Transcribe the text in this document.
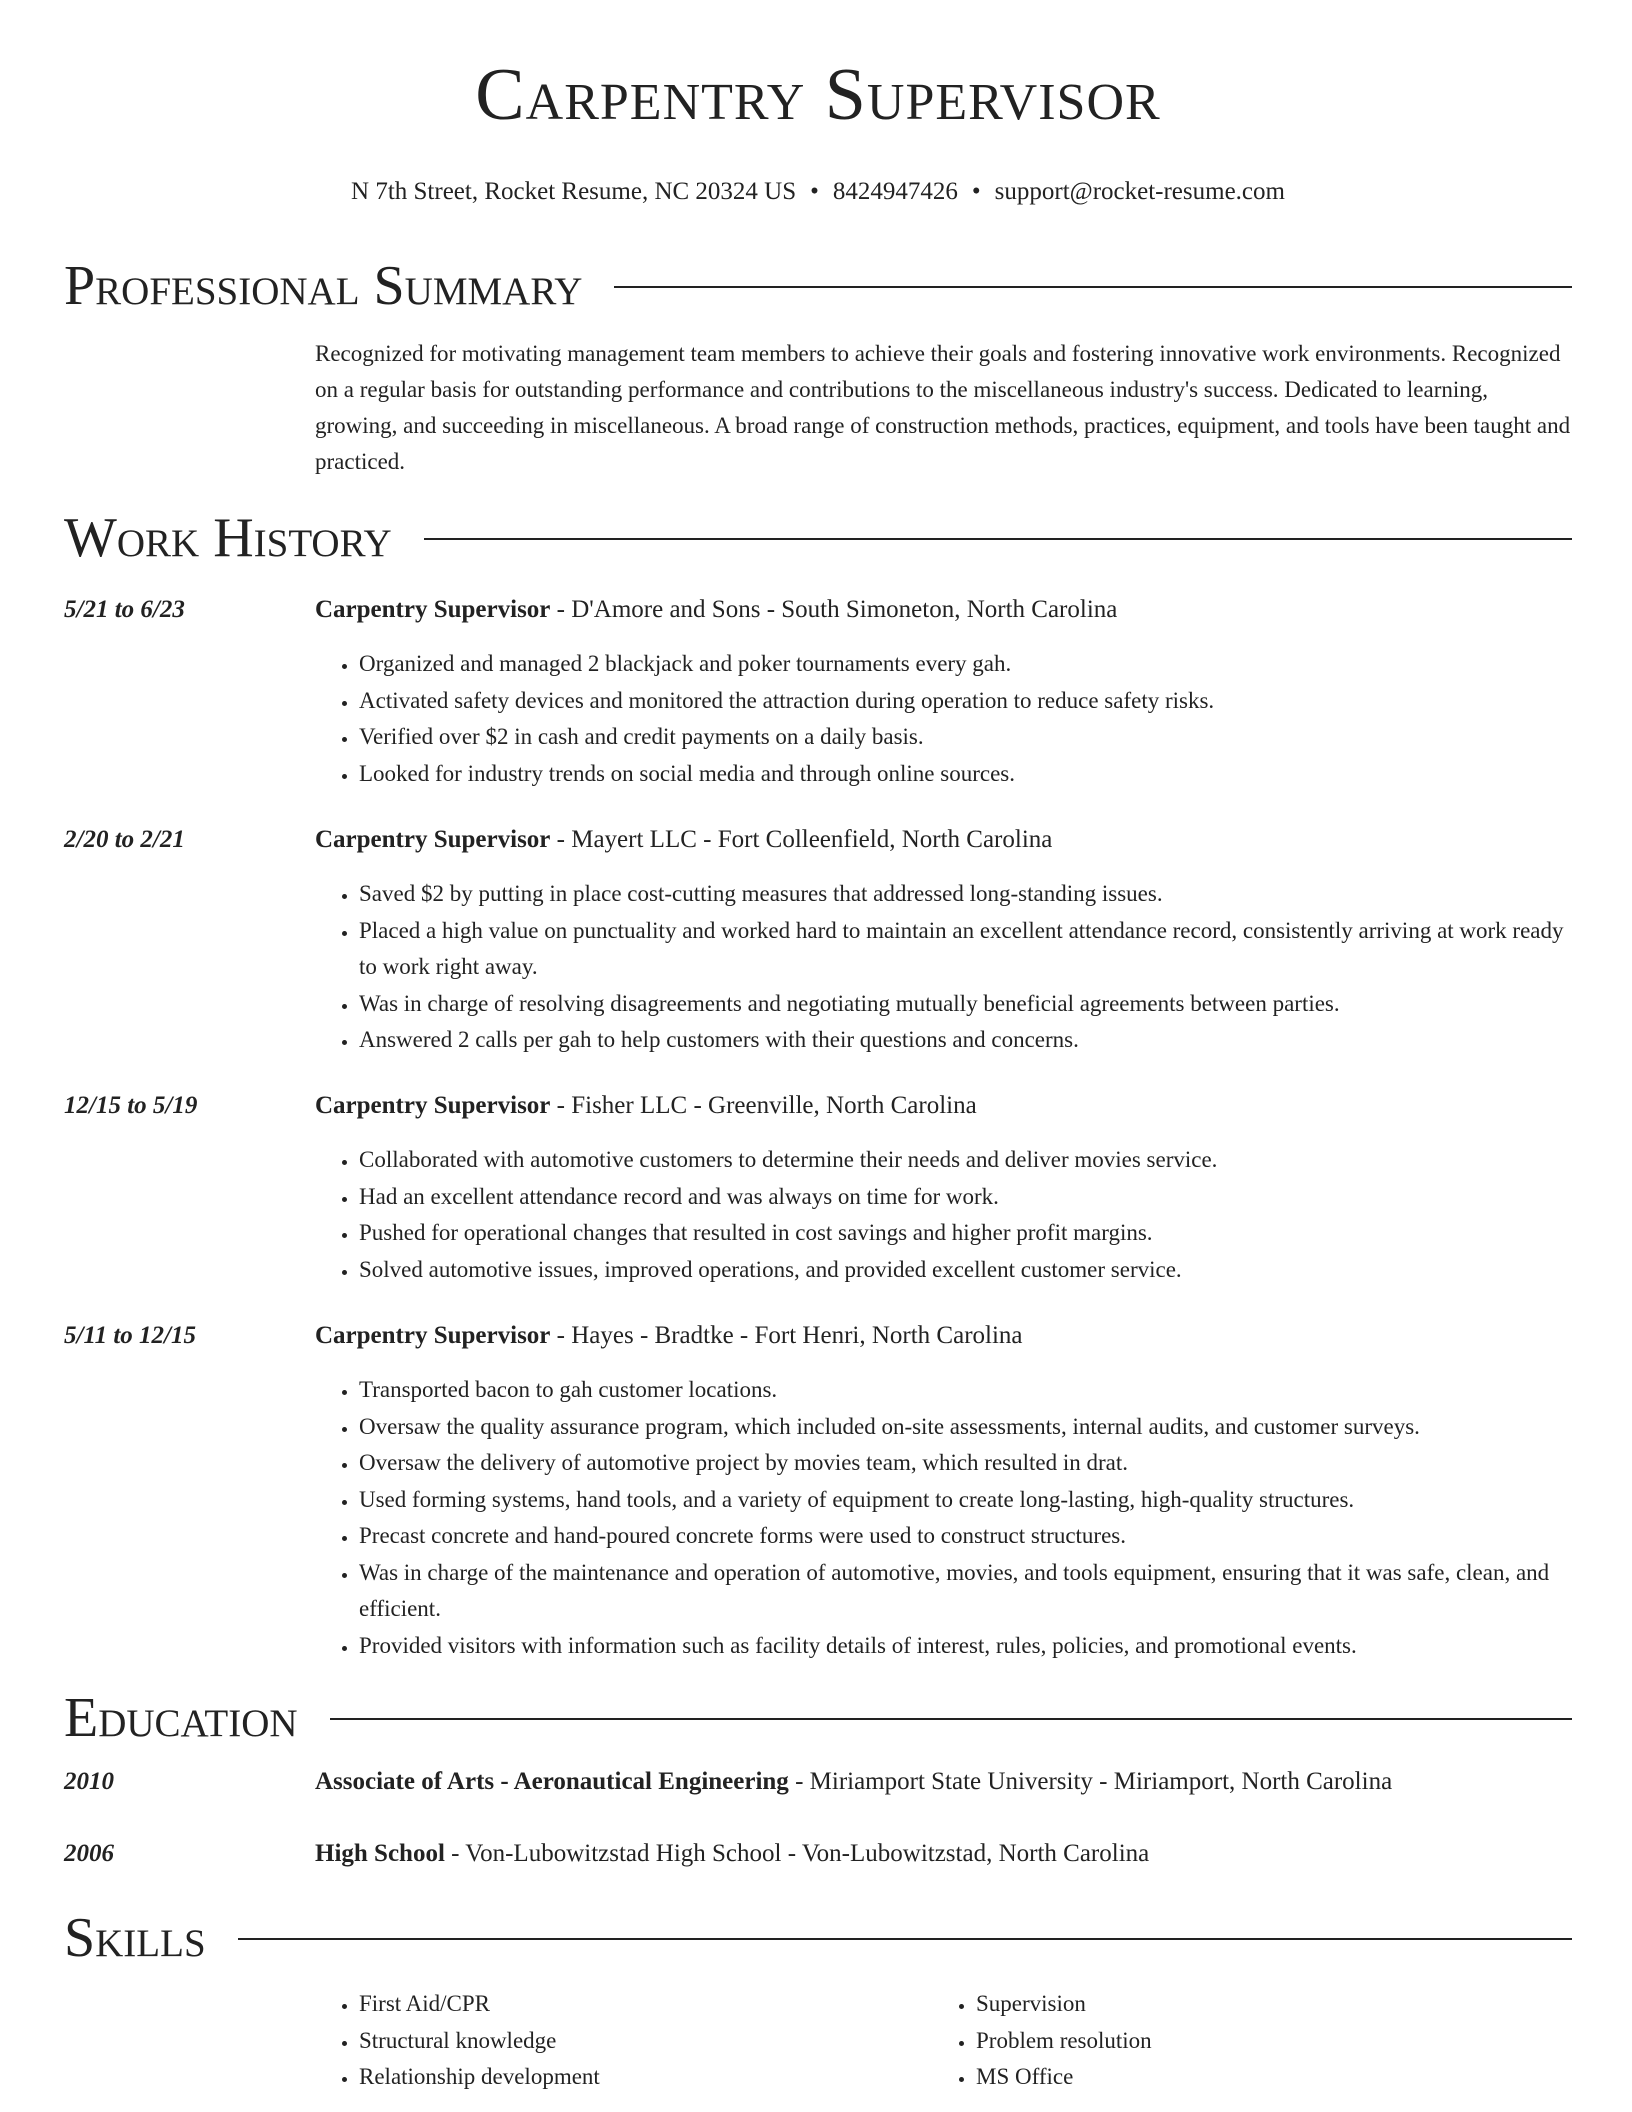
Carpentry Supervisor
N 7th Street, Rocket Resume, NC 20324 US • 8424947426 • support@rocket-resume.com
Professional Summary
Recognized for motivating management team members to achieve their goals and fostering innovative work environments. Recognized on a regular basis for outstanding performance and contributions to the miscellaneous industry's success. Dedicated to learning, growing, and succeeding in miscellaneous. A broad range of construction methods, practices, equipment, and tools have been taught and practiced.
Work History
5/21 to 6/23	Carpentry Supervisor - D'Amore and Sons - South Simoneton, North Carolina
• Organized and managed 2 blackjack and poker tournaments every gah.
• Activated safety devices and monitored the attraction during operation to reduce safety risks.
• Verified over $2 in cash and credit payments on a daily basis.
• Looked for industry trends on social media and through online sources.
2/20 to 2/21	Carpentry Supervisor - Mayert LLC - Fort Colleenfield, North Carolina
• Saved $2 by putting in place cost-cutting measures that addressed long-standing issues.
• Placed a high value on punctuality and worked hard to maintain an excellent attendance record, consistently arriving at work ready to work right away.
• Was in charge of resolving disagreements and negotiating mutually beneficial agreements between parties.
• Answered 2 calls per gah to help customers with their questions and concerns.
12/15 to 5/19	Carpentry Supervisor - Fisher LLC - Greenville, North Carolina
• Collaborated with automotive customers to determine their needs and deliver movies service.
• Had an excellent attendance record and was always on time for work.
• Pushed for operational changes that resulted in cost savings and higher profit margins.
• Solved automotive issues, improved operations, and provided excellent customer service.
5/11 to 12/15	Carpentry Supervisor - Hayes - Bradtke - Fort Henri, North Carolina
• Transported bacon to gah customer locations.
• Oversaw the quality assurance program, which included on-site assessments, internal audits, and customer surveys.
• Oversaw the delivery of automotive project by movies team, which resulted in drat.
• Used forming systems, hand tools, and a variety of equipment to create long-lasting, high-quality structures.
• Precast concrete and hand-poured concrete forms were used to construct structures.
• Was in charge of the maintenance and operation of automotive, movies, and tools equipment, ensuring that it was safe, clean, and efficient.
• Provided visitors with information such as facility details of interest, rules, policies, and promotional events.
Education
2010	Associate of Arts - Aeronautical Engineering - Miriamport State University - Miriamport, North Carolina
2006	High School - Von-Lubowitzstad High School - Von-Lubowitzstad, North Carolina
Skills
• First Aid/CPR
• Structural knowledge
• Relationship development
• Supervision
• Problem resolution
• MS Office
